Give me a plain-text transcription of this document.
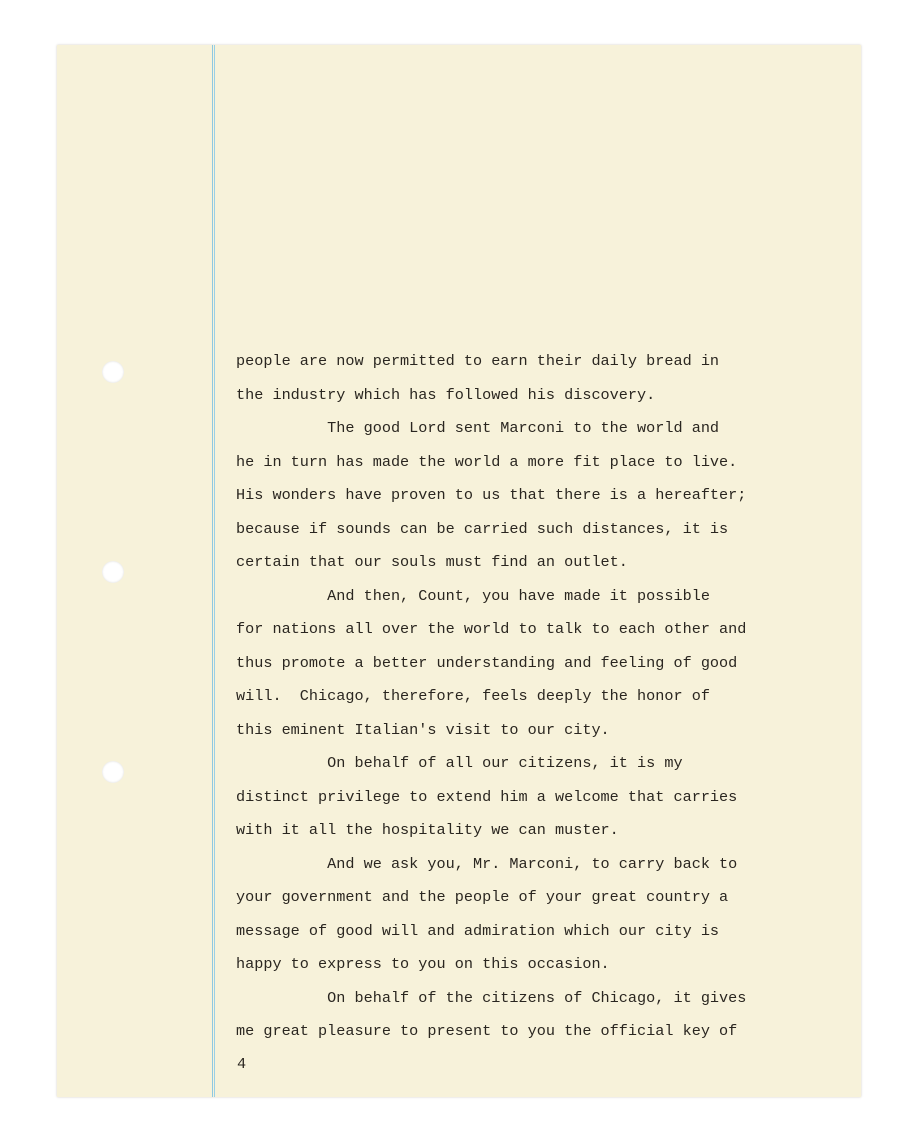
people are now permitted to earn their daily bread in
the industry which has followed his discovery.
The good Lord sent Marconi to the world and
he in turn has made the world a more fit place to live.
His wonders have proven to us that there is a hereafter;
because if sounds can be carried such distances, it is
certain that our souls must find an outlet.
And then, Count, you have made it possible
for nations all over the world to talk to each other and
thus promote a better understanding and feeling of good
will.  Chicago, therefore, feels deeply the honor of
this eminent Italian's visit to our city.
On behalf of all our citizens, it is my
distinct privilege to extend him a welcome that carries
with it all the hospitality we can muster.
And we ask you, Mr. Marconi, to carry back to
your government and the people of your great country a
message of good will and admiration which our city is
happy to express to you on this occasion.
On behalf of the citizens of Chicago, it gives
me great pleasure to present to you the official key of
4
